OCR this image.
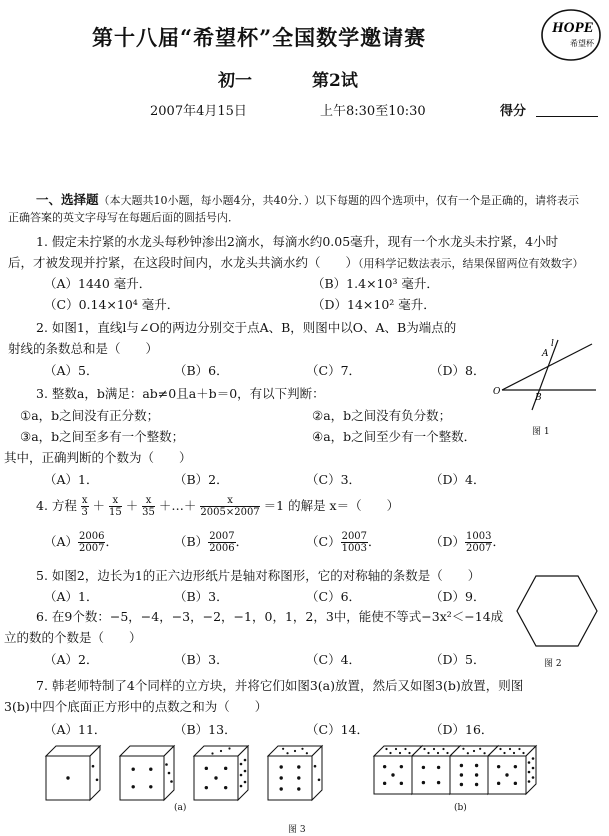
第十八届“希望杯”全国数学邀请赛	HOPE
希望杯
初一	第2试
2007年4月15日	上午8:30至10:30	得分
一、选择题（本大题共10小题，每小题4分，共40分．）以下每题的四个选项中，仅有一个是正确的，请将表示
正确答案的英文字母写在每题后面的圆括号内．
1. 假定未拧紧的水龙头每秒钟渗出2滴水，每滴水约0.05毫升，现有一个水龙头未拧紧，4小时
后，才被发现并拧紧，在这段时间内，水龙头共滴水约（　　）（用科学记数法表示，结果保留两位有效数字）
（A）1440 毫升．	（B）1.4×10³ 毫升．
（C）0.14×10⁴ 毫升．	（D）14×10² 毫升．
2. 如图1，直线l与∠O的两边分别交于点A、B，则图中以O、A、B为端点的
射线的条数总和是（　　）
（A）5．	（B）6．	（C）7．	（D）8．
O
B
A
l
图 1
3. 整数a，b满足：ab≠0且a＋b＝0，有以下判断：
①a，b之间没有正分数；	②a，b之间没有负分数；
③a，b之间至多有一个整数；	④a，b之间至少有一个整数．
其中，正确判断的个数为（　　）
（A）1．	（B）2．	（C）3．	（D）4．
4. 方程 $\frac{x}{3} + \frac{x}{15} + \frac{x}{35}$ ＋…＋ $\frac{x}{2005\times 2007} =1$ 的解是 x＝（　　）
$(A) \frac{2006}{2007}$ ．	$(B) \frac{2007}{2006}$ ．	$(C) \frac{2007}{1003}$ ．	$(D) \frac{1003}{2007}$ ．
5. 如图2，边长为1的正六边形纸片是轴对称图形，它的对称轴的条数是（　　）
（A）1．	（B）3．	（C）6．	（D）9．
图 2
6. 在9个数：−5，−4，−3，−2，−1，0，1，2，3中，能使不等式−3x²＜−14成
立的数的个数是（　　）
（A）2．	（B）3．	（C）4．	（D）5．
7. 韩老师特制了4个同样的立方块，并将它们如图3(a)放置，然后又如图3(b)放置，则图
3(b)中四个底面正方形中的点数之和为（　　）
（A）11．	（B）13．	（C）14．	（D）16．
(a)	(b)
图 3
